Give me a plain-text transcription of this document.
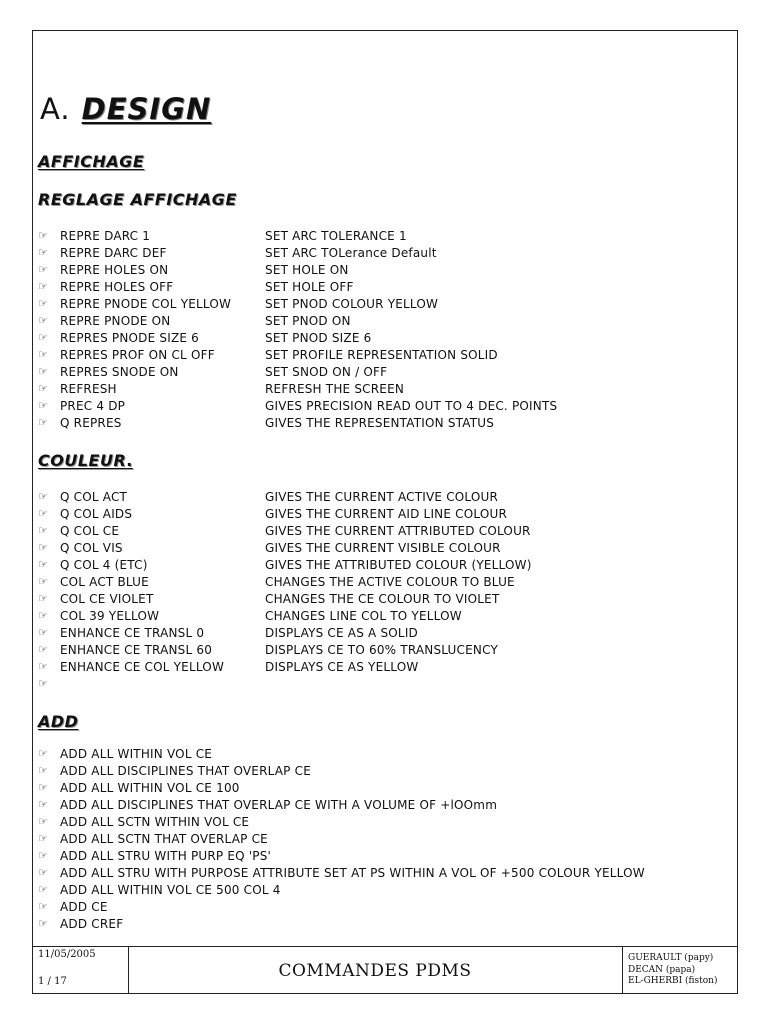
A. DESIGN
AFFICHAGE
REGLAGE AFFICHAGE
☞ REPRE DARC 1	SET ARC TOLERANCE 1
☞ REPRE DARC DEF	SET ARC TOLerance Default
☞ REPRE HOLES ON	SET HOLE ON
☞ REPRE HOLES OFF	SET HOLE OFF
☞ REPRE PNODE COL YELLOW	SET PNOD COLOUR YELLOW
☞ REPRE PNODE ON	SET PNOD ON
☞ REPRES PNODE SIZE 6	SET PNOD SIZE 6
☞ REPRES PROF ON CL OFF	SET PROFILE REPRESENTATION SOLID
☞ REPRES SNODE ON	SET SNOD ON / OFF
☞ REFRESH	REFRESH THE SCREEN
☞ PREC 4 DP	GIVES PRECISION READ OUT TO 4 DEC. POINTS
☞ Q REPRES	GIVES THE REPRESENTATION STATUS
COULEUR.
☞ Q COL ACT	GIVES THE CURRENT ACTIVE COLOUR
☞ Q COL AIDS	GIVES THE CURRENT AID LINE COLOUR
☞ Q COL CE	GIVES THE CURRENT ATTRIBUTED COLOUR
☞ Q COL VIS	GIVES THE CURRENT VISIBLE COLOUR
☞ Q COL 4 (ETC)	GIVES THE ATTRIBUTED COLOUR (YELLOW)
☞ COL ACT BLUE	CHANGES THE ACTIVE COLOUR TO BLUE
☞ COL CE VIOLET	CHANGES THE CE COLOUR TO VIOLET
☞ COL 39 YELLOW	CHANGES LINE COL TO YELLOW
☞ ENHANCE CE TRANSL 0	DISPLAYS CE AS A SOLID
☞ ENHANCE CE TRANSL 60	DISPLAYS CE TO 60% TRANSLUCENCY
☞ ENHANCE CE COL YELLOW	DISPLAYS CE AS YELLOW
☞
ADD
☞ ADD ALL WITHIN VOL CE
☞ ADD ALL DISCIPLINES THAT OVERLAP CE
☞ ADD ALL WITHIN VOL CE 100
☞ ADD ALL DISCIPLINES THAT OVERLAP CE WITH A VOLUME OF +lOOmm
☞ ADD ALL SCTN WITHIN VOL CE
☞ ADD ALL SCTN THAT OVERLAP CE
☞ ADD ALL STRU WITH PURP EQ 'PS'
☞ ADD ALL STRU WITH PURPOSE ATTRIBUTE SET AT PS WITHIN A VOL OF +500 COLOUR YELLOW
☞ ADD ALL WITHIN VOL CE 500 COL 4
☞ ADD CE
☞ ADD CREF
11/05/2005
1 / 17
COMMANDES PDMS
GUERAULT (papy)
DECAN (papa)
EL-GHERBI (fiston)
